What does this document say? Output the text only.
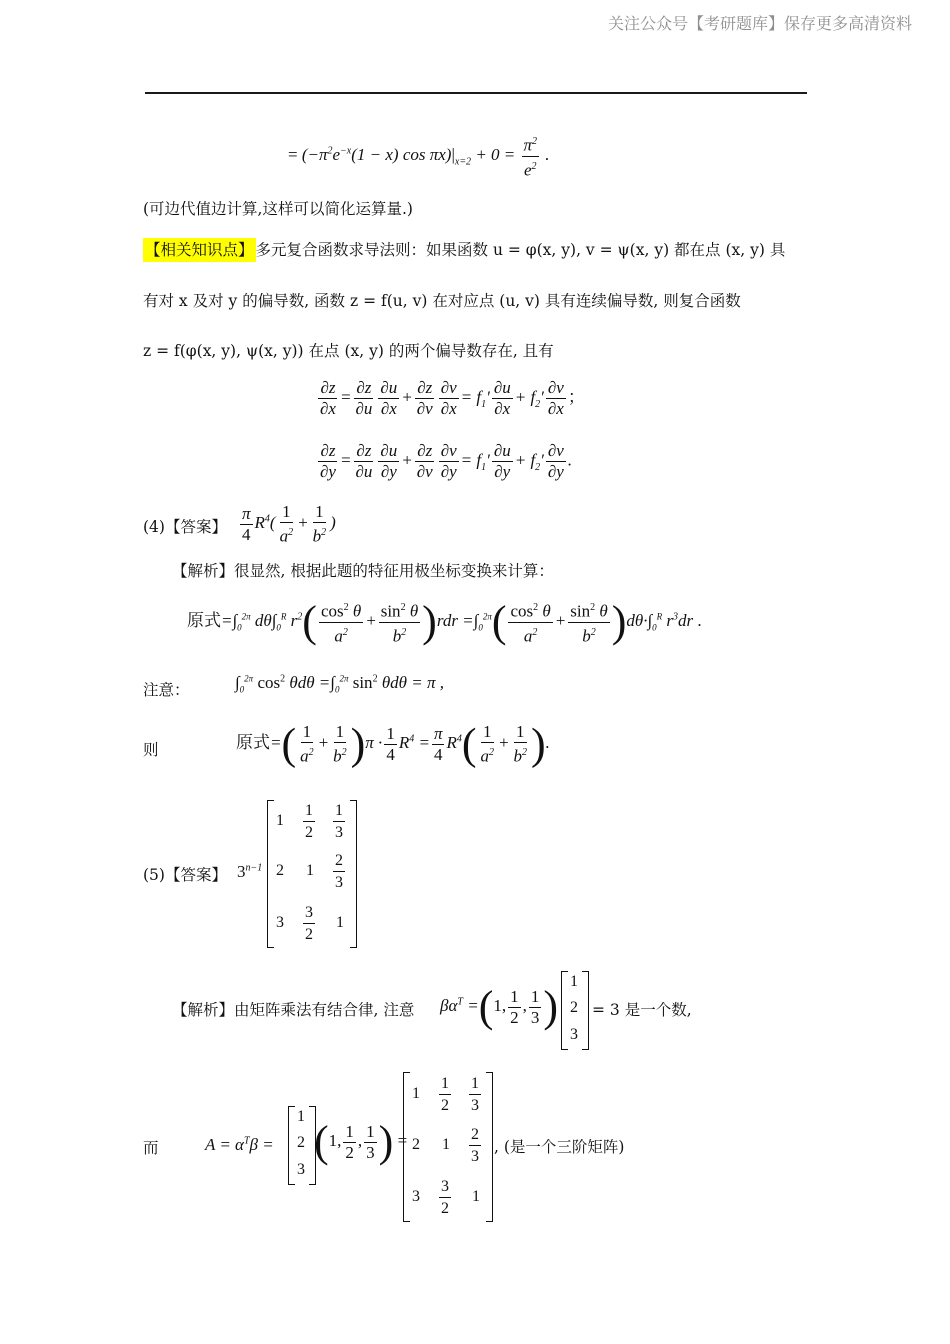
关注公众号【考研题库】保存更多高清资料
= ($-\pi^2e^{-x}(1 - x)$ $\cos \pi x)|_{x=2} + 0 = \frac{\pi^2}{e^2}$ .
(可边代值边计算,这样可以简化运算量.)
【相关知识点】 多元复合函数求导法则：如果函数 u = φ(x, y), v = ψ(x, y) 都在点 (x, y) 具
有对 x 及对 y 的偏导数, 函数 z = f(u, v) 在对应点 (u, v) 具有连续偏导数, 则复合函数
z = f(φ(x, y), ψ(x, y)) 在点 (x, y) 的两个偏导数存在, 且有
$\frac{\partial z}{\partial x} = \frac{\partial z}{\partial u} \frac{\partial u}{\partial x} + \frac{\partial z}{\partial v} \frac{\partial v}{\partial x} = f_1' \frac{\partial u}{\partial x} + f_2' \frac{\partial v}{\partial x}$ ；
$\frac{\partial z}{\partial y} = \frac{\partial z}{\partial u} \frac{\partial u}{\partial y} + \frac{\partial z}{\partial v} \frac{\partial v}{\partial y} = f_1' \frac{\partial u}{\partial y} + f_2' \frac{\partial v}{\partial y}$ .
(4)【答案】 $\frac{\pi}{4} R^4( \frac{1}{a^2} + \frac{1}{b^2}$ )
【解析】很显然, 根据此题的特征用极坐标变换来计算：
原式$=\int_0^{2\pi}$ $d\theta\int_0^R$ $r^2( \frac{\cos^2 \theta}{a^2} + \frac{\sin^2 \theta}{b^2} )rdr =\int_0^{2\pi}( \frac{\cos^2 \theta}{a^2} + \frac{\sin^2 \theta}{b^2} )d\theta\cdot\int_0^R$ $r^3dr$ .
注意：	$\int_0^{2\pi}$ $\cos^2 \theta d\theta =\int_0^{2\pi}$ $\sin^2 \theta d\theta = \pi$ ,
则	原式=( $\frac{1}{a^2} + \frac{1}{b^2} )\pi \cdot \frac{1}{4} R^4 = \frac{\pi}{4} R^4( \frac{1}{a^2} + \frac{1}{b^2}$ ).
(5)【答案】 $3^{n-1}$
$1 \frac{1}{2} \frac{1}{3}$
2 $1 \frac{2}{3}$
$3 \frac{3}{2} 1$
【解析】由矩阵乘法有结合律, 注意 $\beta\alpha^T =(1$, $\frac{1}{2}$ , $\frac{1}{3}$ )
1
2
3
= 3 是一个数,
而	$A = \alpha^T\beta$ =
1
2
3
(1, $\frac{1}{2}$ , $\frac{1}{3}$ ) =
$1 \frac{1}{2} \frac{1}{3}$
2 $1 \frac{2}{3}$
$3 \frac{3}{2} 1$
, (是一个三阶矩阵)
